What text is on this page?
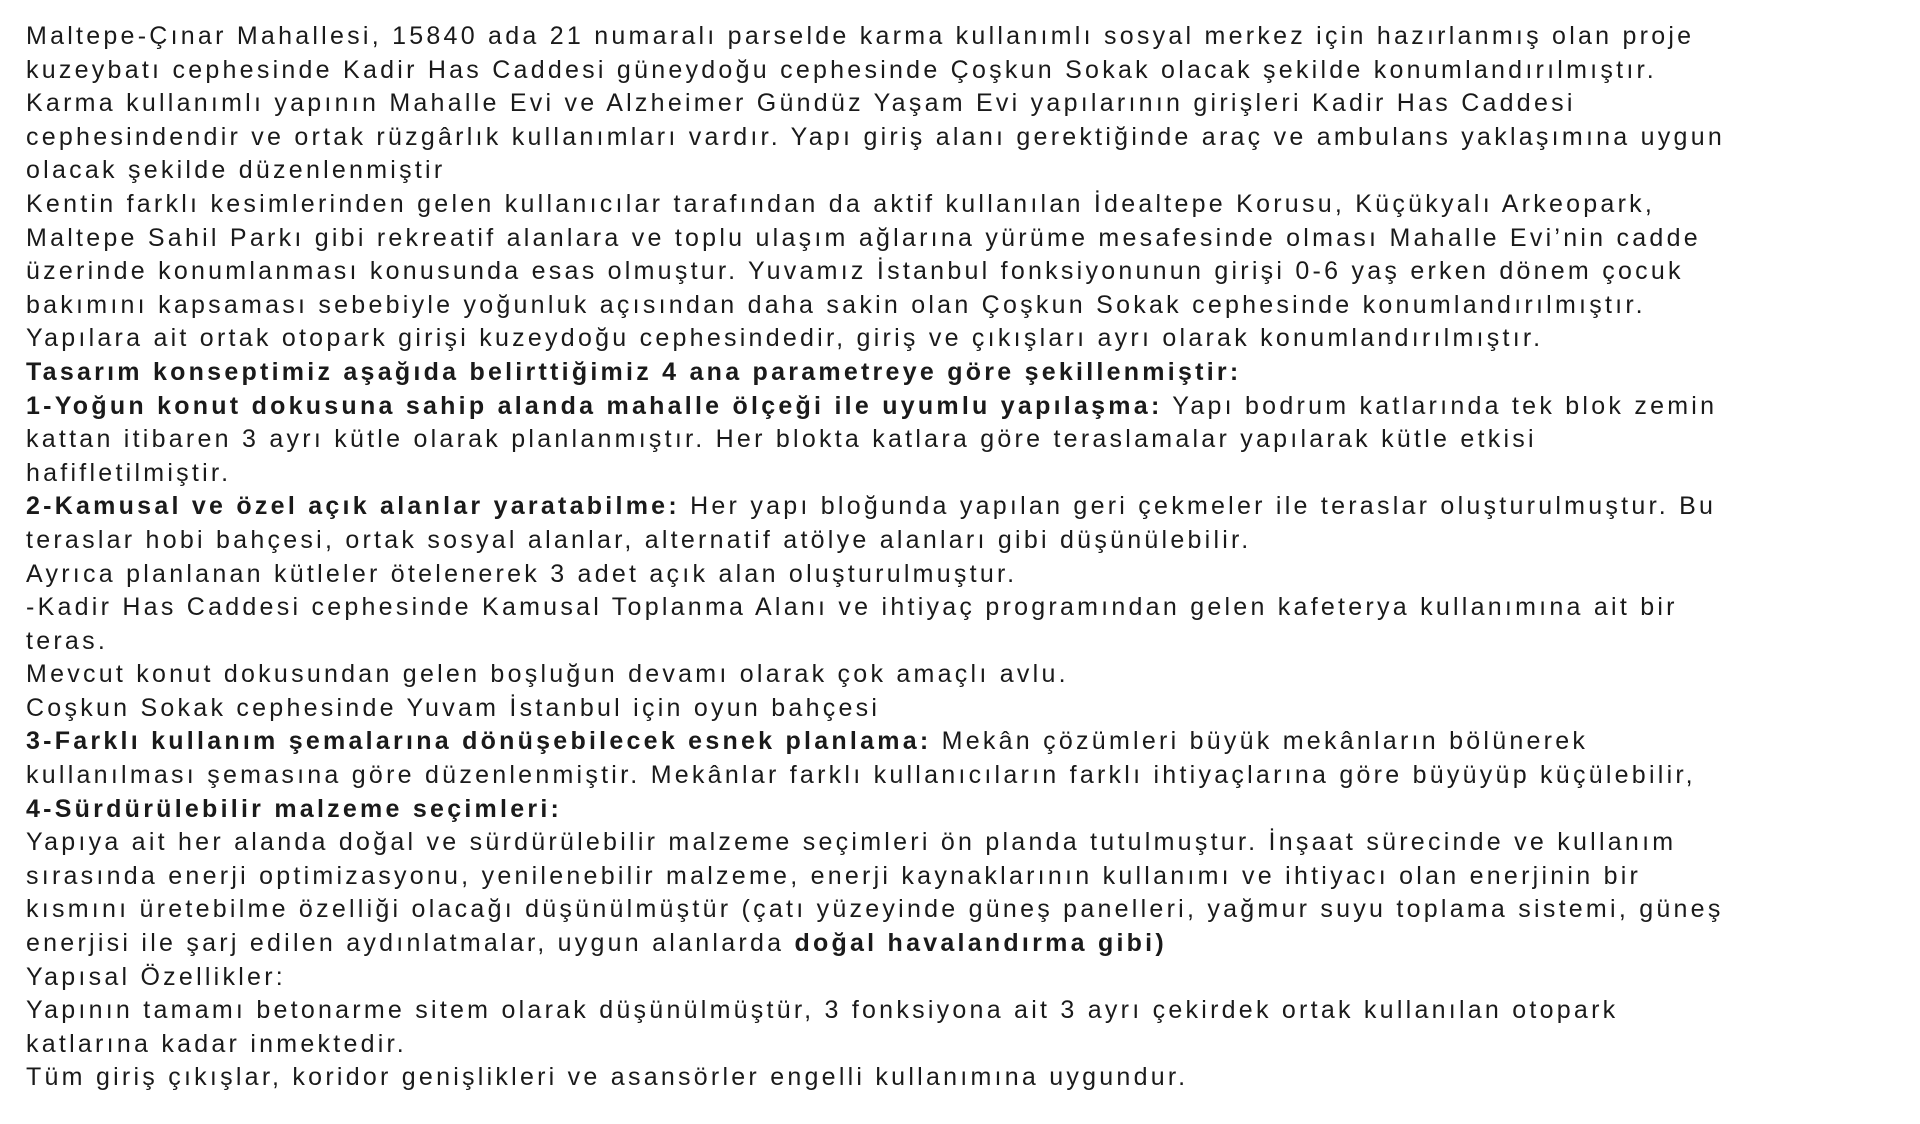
Maltepe-Çınar Mahallesi, 15840 ada 21 numaralı parselde karma kullanımlı sosyal merkez için hazırlanmış olan proje
kuzeybatı cephesinde Kadir Has Caddesi güneydoğu cephesinde Çoşkun Sokak olacak şekilde konumlandırılmıştır.
Karma kullanımlı yapının Mahalle Evi ve Alzheimer Gündüz Yaşam Evi yapılarının girişleri Kadir Has Caddesi
cephesindendir ve ortak rüzgârlık kullanımları vardır. Yapı giriş alanı gerektiğinde araç ve ambulans yaklaşımına uygun
olacak şekilde düzenlenmiştir
Kentin farklı kesimlerinden gelen kullanıcılar tarafından da aktif kullanılan İdealtepe Korusu, Küçükyalı Arkeopark,
Maltepe Sahil Parkı gibi rekreatif alanlara ve toplu ulaşım ağlarına yürüme mesafesinde olması Mahalle Evi’nin cadde
üzerinde konumlanması konusunda esas olmuştur. Yuvamız İstanbul fonksiyonunun girişi 0-6 yaş erken dönem çocuk
bakımını kapsaması sebebiyle yoğunluk açısından daha sakin olan Çoşkun Sokak cephesinde konumlandırılmıştır.
Yapılara ait ortak otopark girişi kuzeydoğu cephesindedir, giriş ve çıkışları ayrı olarak konumlandırılmıştır.
Tasarım konseptimiz aşağıda belirttiğimiz 4 ana parametreye göre şekillenmiştir:
1-Yoğun konut dokusuna sahip alanda mahalle ölçeği ile uyumlu yapılaşma: Yapı bodrum katlarında tek blok zemin
kattan itibaren 3 ayrı kütle olarak planlanmıştır. Her blokta katlara göre teraslamalar yapılarak kütle etkisi
hafifletilmiştir.
2-Kamusal ve özel açık alanlar yaratabilme: Her yapı bloğunda yapılan geri çekmeler ile teraslar oluşturulmuştur. Bu
teraslar hobi bahçesi, ortak sosyal alanlar, alternatif atölye alanları gibi düşünülebilir.
Ayrıca planlanan kütleler ötelenerek 3 adet açık alan oluşturulmuştur.
-Kadir Has Caddesi cephesinde Kamusal Toplanma Alanı ve ihtiyaç programından gelen kafeterya kullanımına ait bir
teras.
Mevcut konut dokusundan gelen boşluğun devamı olarak çok amaçlı avlu.
Coşkun Sokak cephesinde Yuvam İstanbul için oyun bahçesi
3-Farklı kullanım şemalarına dönüşebilecek esnek planlama: Mekân çözümleri büyük mekânların bölünerek
kullanılması şemasına göre düzenlenmiştir. Mekânlar farklı kullanıcıların farklı ihtiyaçlarına göre büyüyüp küçülebilir,
4-Sürdürülebilir malzeme seçimleri:
Yapıya ait her alanda doğal ve sürdürülebilir malzeme seçimleri ön planda tutulmuştur. İnşaat sürecinde ve kullanım
sırasında enerji optimizasyonu, yenilenebilir malzeme, enerji kaynaklarının kullanımı ve ihtiyacı olan enerjinin bir
kısmını üretebilme özelliği olacağı düşünülmüştür (çatı yüzeyinde güneş panelleri, yağmur suyu toplama sistemi, güneş
enerjisi ile şarj edilen aydınlatmalar, uygun alanlarda doğal havalandırma gibi)
Yapısal Özellikler:
Yapının tamamı betonarme sitem olarak düşünülmüştür, 3 fonksiyona ait 3 ayrı çekirdek ortak kullanılan otopark
katlarına kadar inmektedir.
Tüm giriş çıkışlar, koridor genişlikleri ve asansörler engelli kullanımına uygundur.
